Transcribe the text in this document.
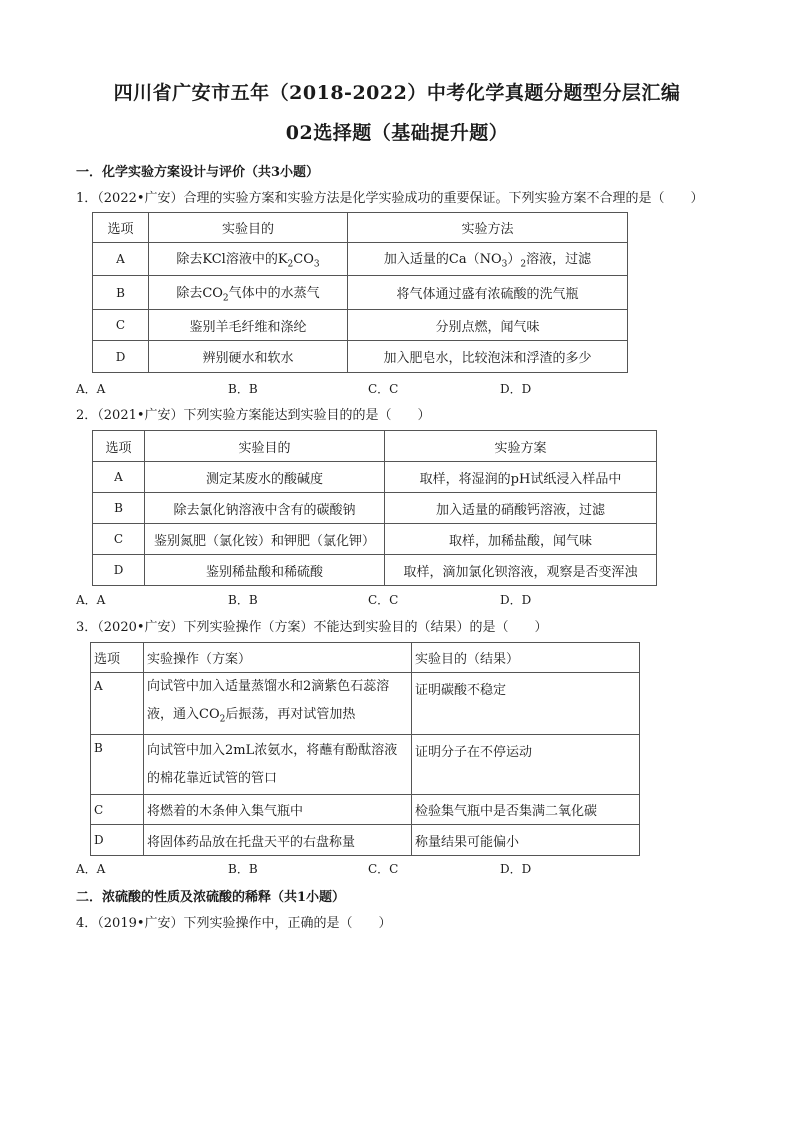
四川省广安市五年（2018-2022）中考化学真题分题型分层汇编
02选择题（基础提升题）
一．化学实验方案设计与评价（共3小题）
1．（2022•广安）合理的实验方案和实验方法是化学实验成功的重要保证。下列实验方案不合理的是（　　）
选项	实验目的	实验方法
A	除去KCl溶液中的$K_2CO_3$	加入适量的$Ca(NO_3)_2$溶液，过滤
B	除去$CO_2$气体中的水蒸气	将气体通过盛有浓硫酸的洗气瓶
C	鉴别羊毛纤维和涤纶	分别点燃，闻气味
D	辨别硬水和软水	加入肥皂水，比较泡沫和浮渣的多少
A．A	B．B	C．C	D．D
2．（2021•广安）下列实验方案能达到实验目的的是（　　）
选项	实验目的	实验方案
A	测定某废水的酸碱度	取样，将湿润的pH试纸浸入样品中
B	除去氯化钠溶液中含有的碳酸钠	加入适量的硝酸钙溶液，过滤
C	鉴别氮肥（氯化铵）和钾肥（氯化钾）	取样，加稀盐酸，闻气味
D	鉴别稀盐酸和稀硫酸	取样，滴加氯化钡溶液，观察是否变浑浊
A．A	B．B	C．C	D．D
3．（2020•广安）下列实验操作（方案）不能达到实验目的（结果）的是（　　）
选项	实验操作（方案）	实验目的（结果）
A	向试管中加入适量蒸馏水和2滴紫色石蕊溶
液，通入$CO_2$后振荡，再对试管加热	证明碳酸不稳定
B	向试管中加入2mL浓氨水，将蘸有酚酞溶液
的棉花靠近试管的管口	证明分子在不停运动
C	将燃着的木条伸入集气瓶中	检验集气瓶中是否集满二氧化碳
D	将固体药品放在托盘天平的右盘称量	称量结果可能偏小
A．A	B．B	C．C	D．D
二．浓硫酸的性质及浓硫酸的稀释（共1小题）
4．（2019•广安）下列实验操作中，正确的是（　　）
